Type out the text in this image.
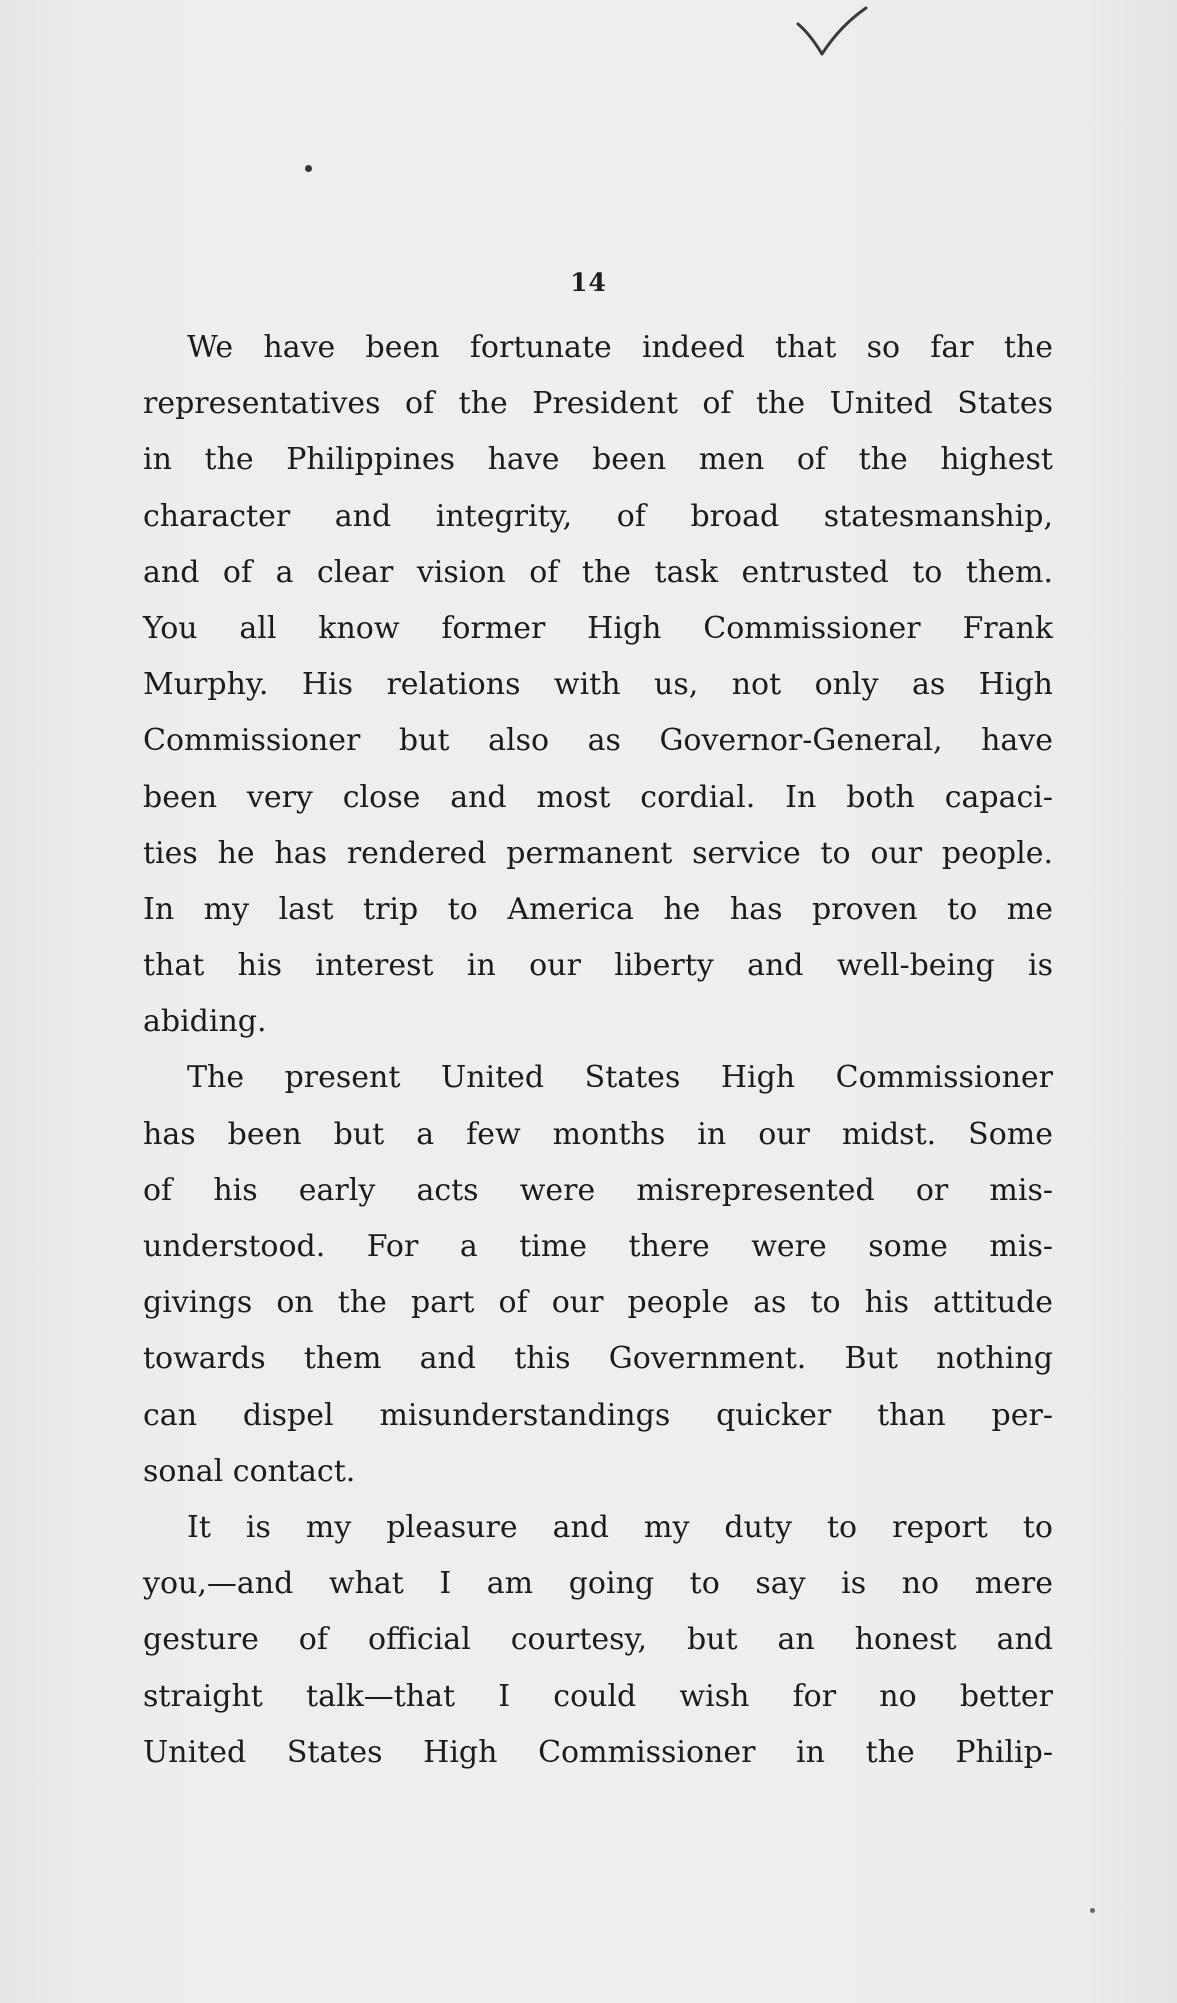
14
We have been fortunate indeed that so far the
representatives of the President of the United States
in the Philippines have been men of the highest
character and integrity, of broad statesmanship,
and of a clear vision of the task entrusted to them.
You all know former High Commissioner Frank
Murphy. His relations with us, not only as High
Commissioner but also as Governor-General, have
been very close and most cordial. In both capaci-
ties he has rendered permanent service to our people.
In my last trip to America he has proven to me
that his interest in our liberty and well-being is
abiding.
The present United States High Commissioner
has been but a few months in our midst. Some
of his early acts were misrepresented or mis-
understood. For a time there were some mis-
givings on the part of our people as to his attitude
towards them and this Government. But nothing
can dispel misunderstandings quicker than per-
sonal contact.
It is my pleasure and my duty to report to
you,—and what I am going to say is no mere
gesture of official courtesy, but an honest and
straight talk—that I could wish for no better
United States High Commissioner in the Philip-
